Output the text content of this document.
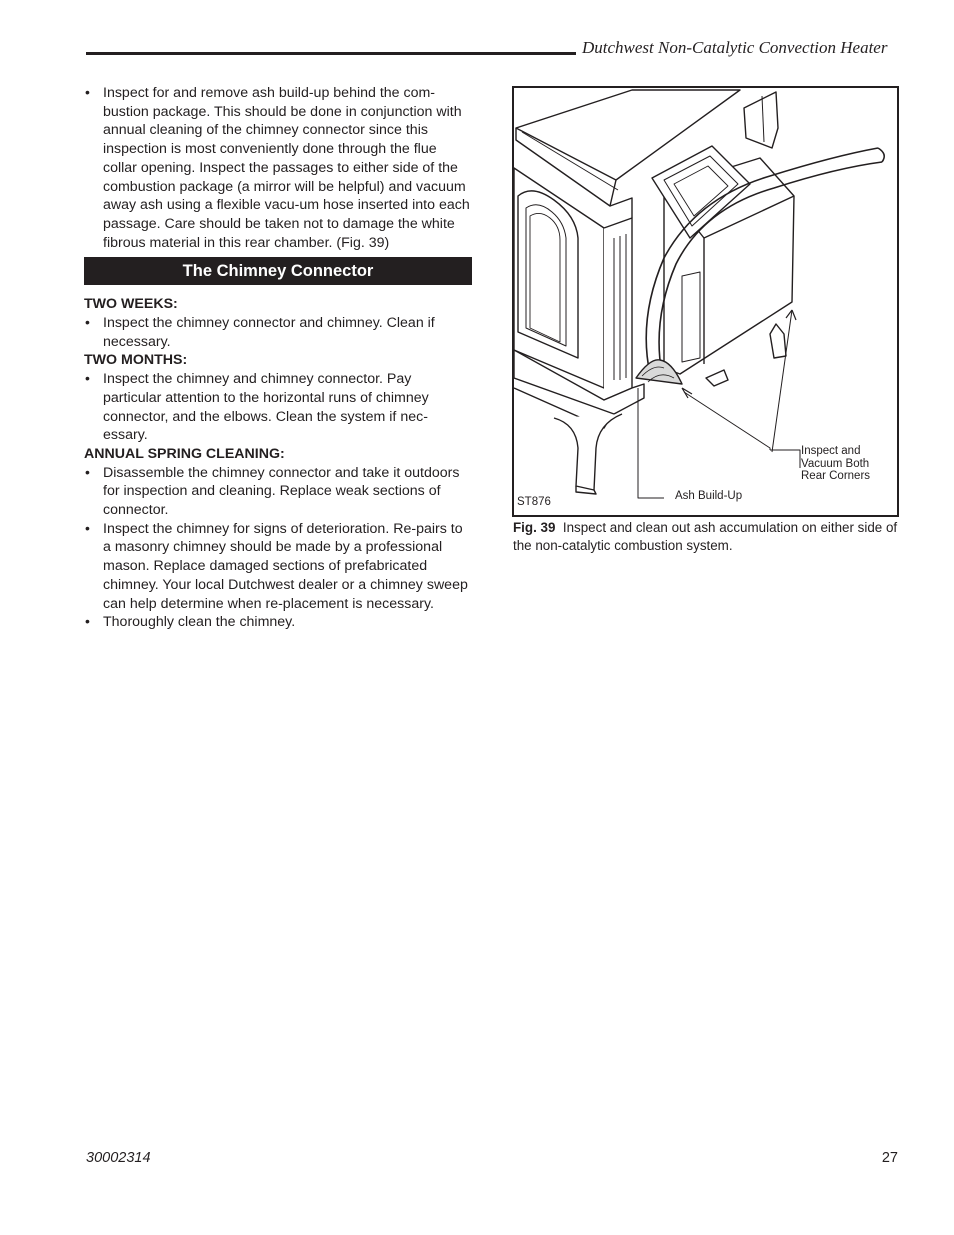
Dutchwest Non-Catalytic Convection Heater

• Inspect for and remove ash build-up behind the com-bustion package. This should be done in conjunction with annual cleaning of the chimney connector since this inspection is most conveniently done through the flue collar opening. Inspect the passages to either side of the combustion package (a mirror will be helpful) and vacuum away ash using a flexible vacu-um hose inserted into each passage. Care should be taken not to damage the white fibrous material in this rear chamber. (Fig. 39)

The Chimney Connector

TWO WEEKS:

• Inspect the chimney connector and chimney. Clean if necessary.

TWO MONTHS:

• Inspect the chimney and chimney connector. Pay particular attention to the horizontal runs of chimney connector, and the elbows. Clean the system if nec-essary.

ANNUAL SPRING CLEANING:

• Disassemble the chimney connector and take it outdoors for inspection and cleaning. Replace weak sections of connector.

• Inspect the chimney for signs of deterioration. Re-pairs to a masonry chimney should be made by a professional mason. Replace damaged sections of prefabricated chimney. Your local Dutchwest dealer or a chimney sweep can help determine when re-placement is necessary.

• Thoroughly clean the chimney.

ST876	Ash Build-Up
Inspect and
Vacuum Both
Rear Corners
Fig. 39 Inspect and clean out ash accumulation on either side of the non-catalytic combustion system.
30002314	27
